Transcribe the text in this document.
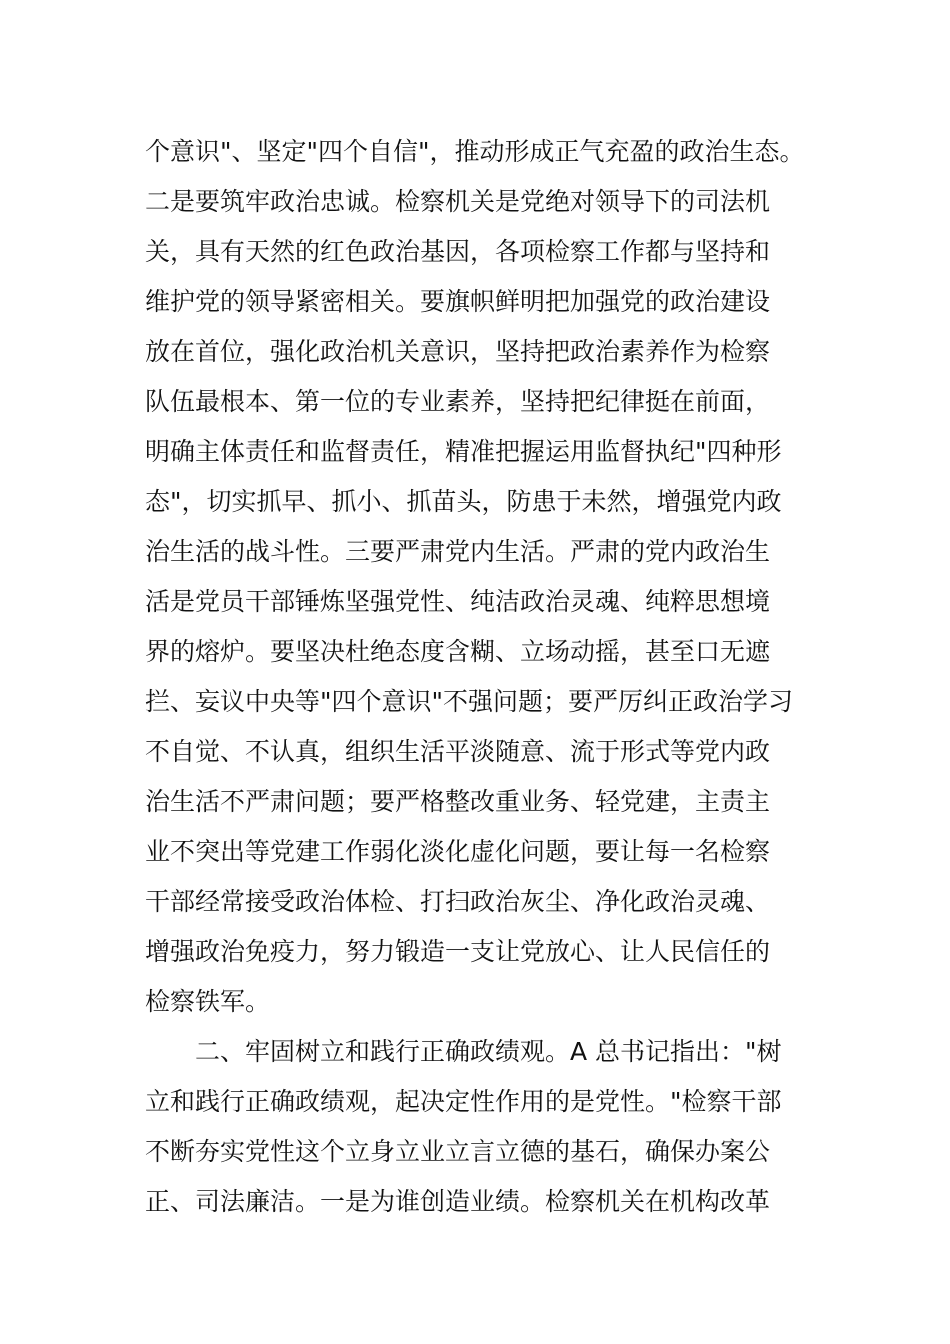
个意识"、坚定"四个自信"，推动形成正气充盈的政治生态。
二是要筑牢政治忠诚。检察机关是党绝对领导下的司法机
关，具有天然的红色政治基因，各项检察工作都与坚持和
维护党的领导紧密相关。要旗帜鲜明把加强党的政治建设
放在首位，强化政治机关意识，坚持把政治素养作为检察
队伍最根本、第一位的专业素养，坚持把纪律挺在前面，
明确主体责任和监督责任，精准把握运用监督执纪"四种形
态"，切实抓早、抓小、抓苗头，防患于未然，增强党内政
治生活的战斗性。三要严肃党内生活。严肃的党内政治生
活是党员干部锤炼坚强党性、纯洁政治灵魂、纯粹思想境
界的熔炉。要坚决杜绝态度含糊、立场动摇，甚至口无遮
拦、妄议中央等"四个意识"不强问题；要严厉纠正政治学习
不自觉、不认真，组织生活平淡随意、流于形式等党内政
治生活不严肃问题；要严格整改重业务、轻党建，主责主
业不突出等党建工作弱化淡化虚化问题，要让每一名检察
干部经常接受政治体检、打扫政治灰尘、净化政治灵魂、
增强政治免疫力，努力锻造一支让党放心、让人民信任的
检察铁军。
　　二、牢固树立和践行正确政绩观。A 总书记指出："树
立和践行正确政绩观，起决定性作用的是党性。"检察干部
不断夯实党性这个立身立业立言立德的基石，确保办案公
正、司法廉洁。一是为谁创造业绩。检察机关在机构改革
